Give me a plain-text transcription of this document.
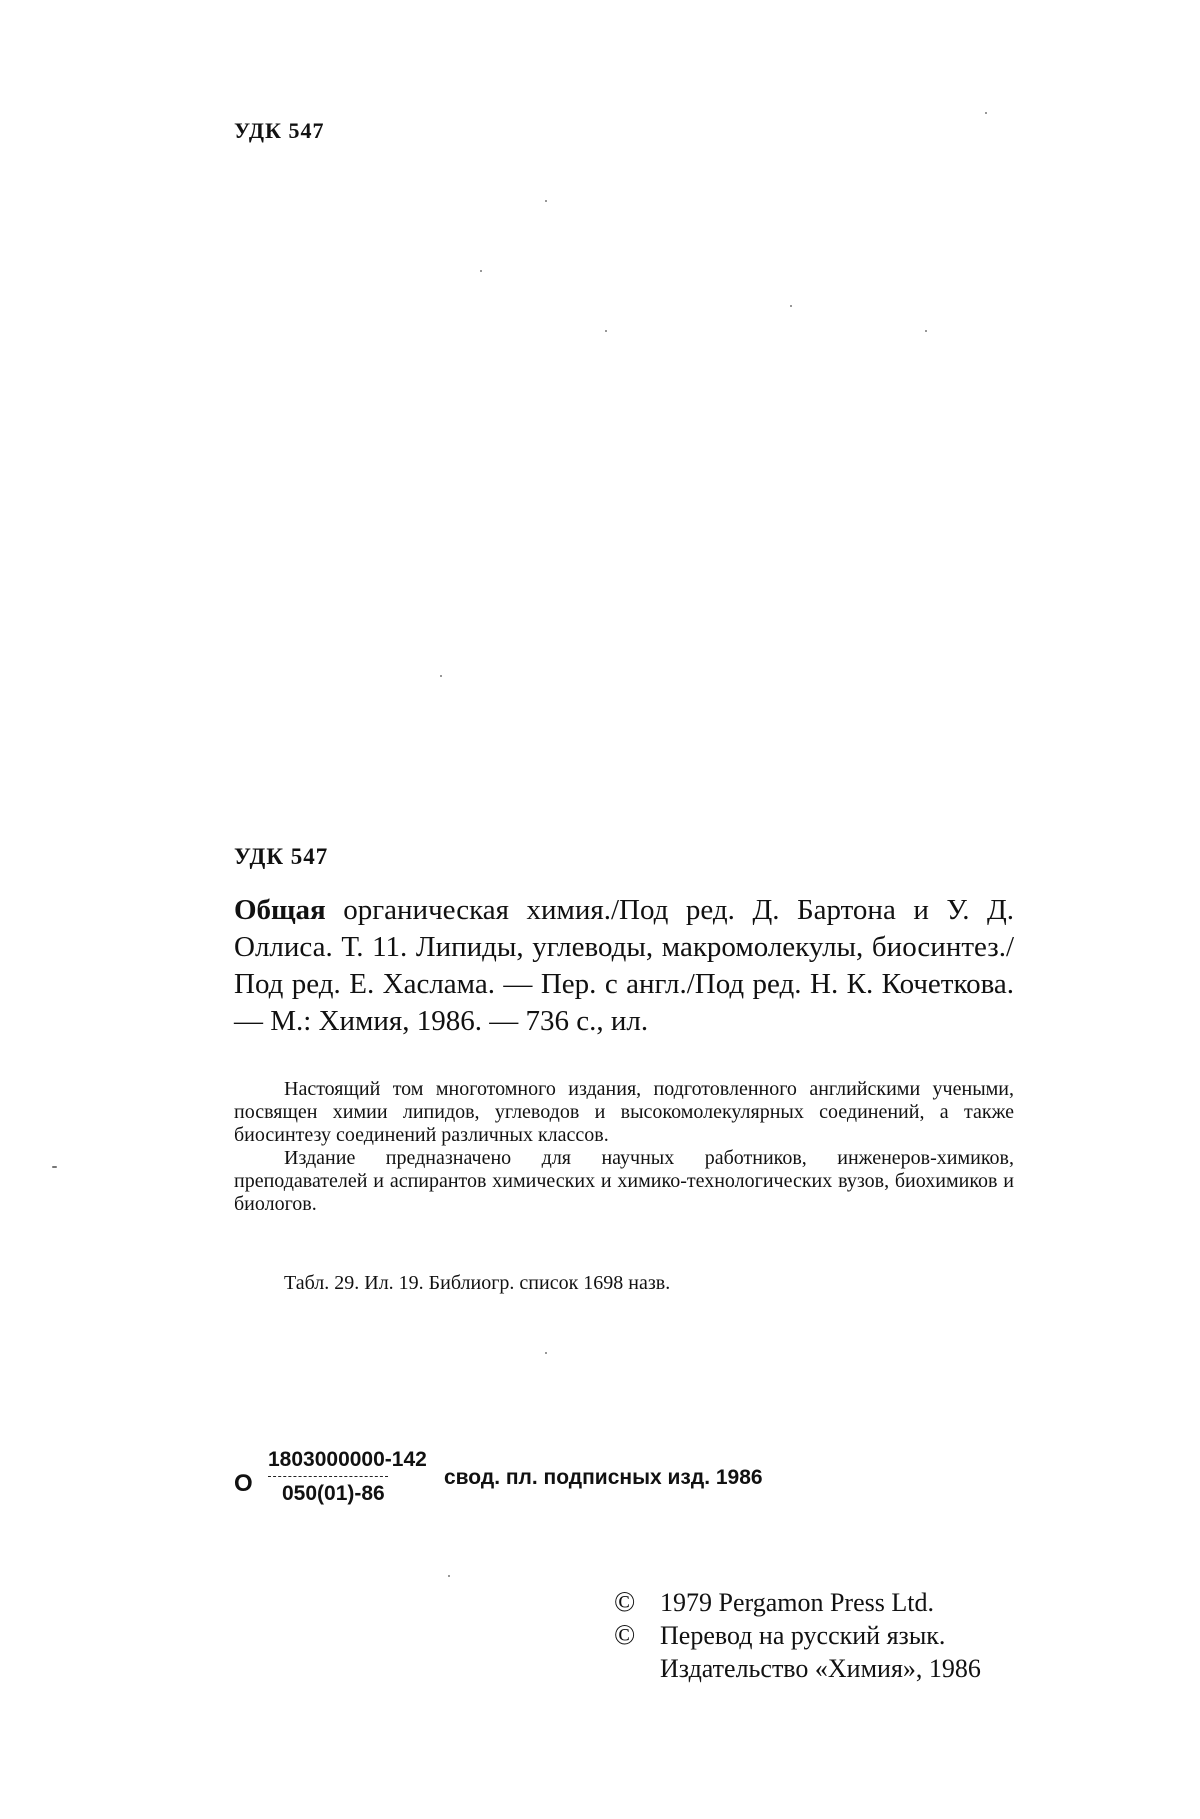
УДК 547
УДК 547
Общая органическая химия./Под ред. Д. Бартона и У. Д. Оллиса. Т. 11. Липиды, углеводы, макромолекулы, биосинтез./Под ред. Е. Хаслама. — Пер. с англ./Под ред. Н. К. Кочеткова. — М.: Химия, 1986. — 736 с., ил.

Настоящий том многотомного издания, подготовленного английскими учеными, посвящен химии липидов, углеводов и высокомолекулярных соединений, а также биосинтезу соединений различных классов.

Издание предназначено для научных работников, инженеров-химиков, преподавателей и аспирантов химических и химико-технологических вузов, биохимиков и биологов.

Табл. 29. Ил. 19. Библиогр. список 1698 назв.
О
1803000000-142
050(01)-86
свод. пл. подписных изд. 1986
© 1979 Pergamon Press Ltd.
© Перевод на русский язык.
Издательство «Химия», 1986
